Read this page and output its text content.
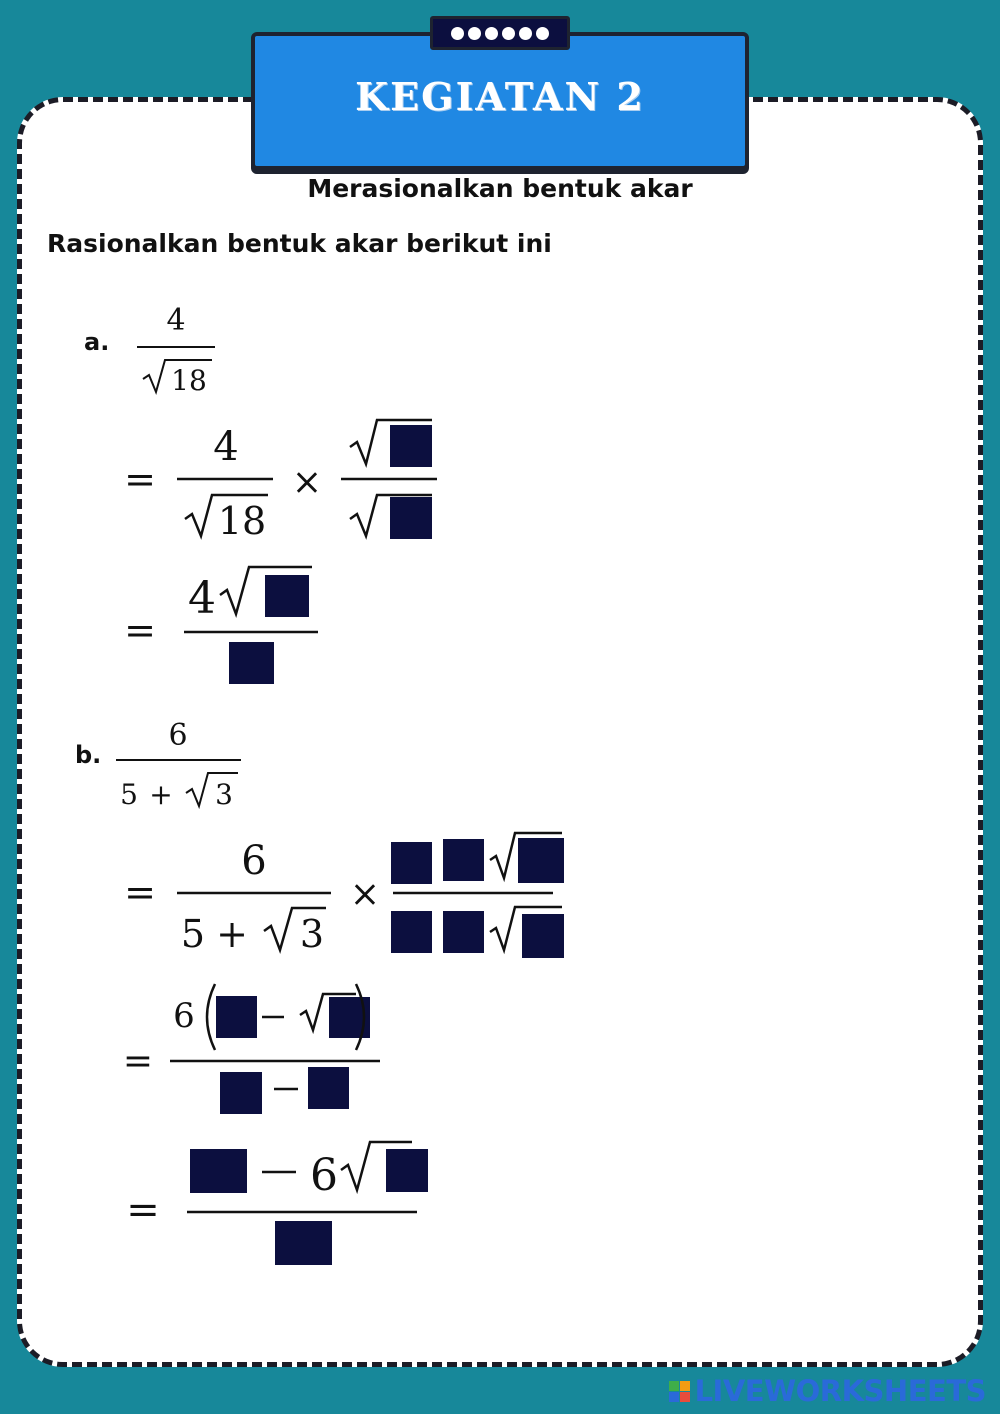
KEGIATAN 2
Merasionalkan bentuk akar
Rasionalkan bentuk akar berikut ini
a.
b.
4
18
=
4
18
×
=
4
6
5 + 3
=
6
5 + 3
×
=
6
=
6
LIVEWORKSHEETS
